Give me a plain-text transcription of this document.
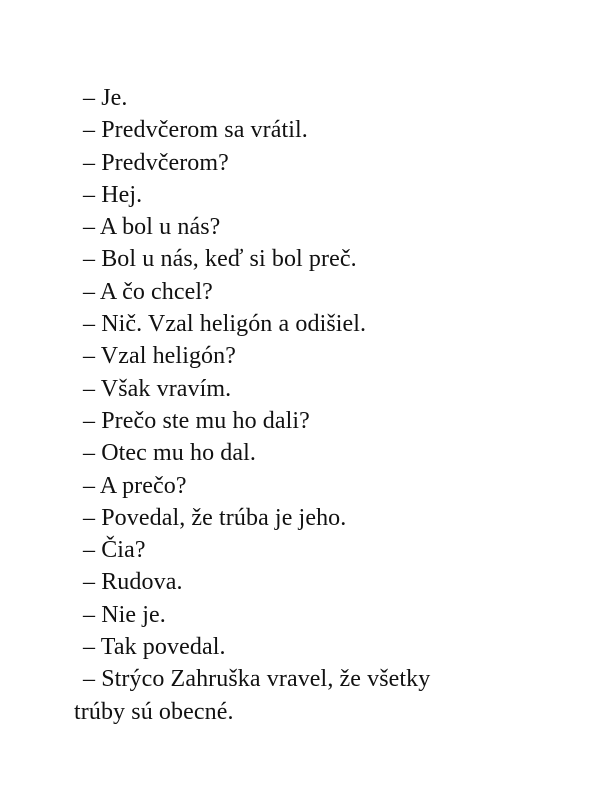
– Je.

– Predvčerom sa vrátil.

– Predvčerom?

– Hej.

– A bol u nás?

– Bol u nás, keď si bol preč.

– A čo chcel?

– Nič. Vzal heligón a odišiel.

– Vzal heligón?

– Však vravím.

– Prečo ste mu ho dali?

– Otec mu ho dal.

– A prečo?

– Povedal, že trúba je jeho.

– Čia?

– Rudova.

– Nie je.

– Tak povedal.

– Strýco Zahruška vravel, že všetky

trúby sú obecné.
